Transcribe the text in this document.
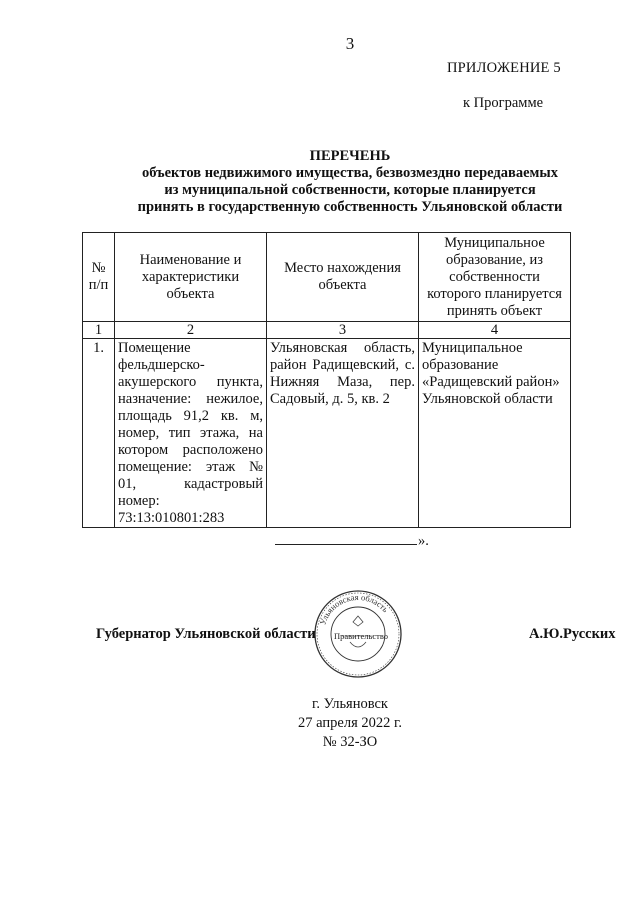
3
ПРИЛОЖЕНИЕ 5
к Программе
ПЕРЕЧЕНЬ
объектов недвижимого имущества, безвозмездно передаваемых
из муниципальной собственности, которые планируется
принять в государственную собственность Ульяновской области
№ п/п	Наименование и характеристики объекта	Место нахождения объекта	Муниципальное образование, из собственности которого планируется принять объект
1	2	3	4
1.	Помещение фельдшерско-акушерского пункта, назначение: нежилое, площадь 91,2 кв. м, номер, тип этажа, на котором расположено помещение: этаж № 01, кадастровый номер: 73:13:010801:283	Ульяновская область, район Радищевский, с. Нижняя Маза, пер. Садовый, д. 5, кв. 2	Муниципальное образование «Радищевский район» Ульяновской области
».
Ульяновская область
Губернатор Ульяновской области Правительство	А.Ю.Русских
г. Ульяновск
27 апреля 2022 г.
№ 32-ЗО
